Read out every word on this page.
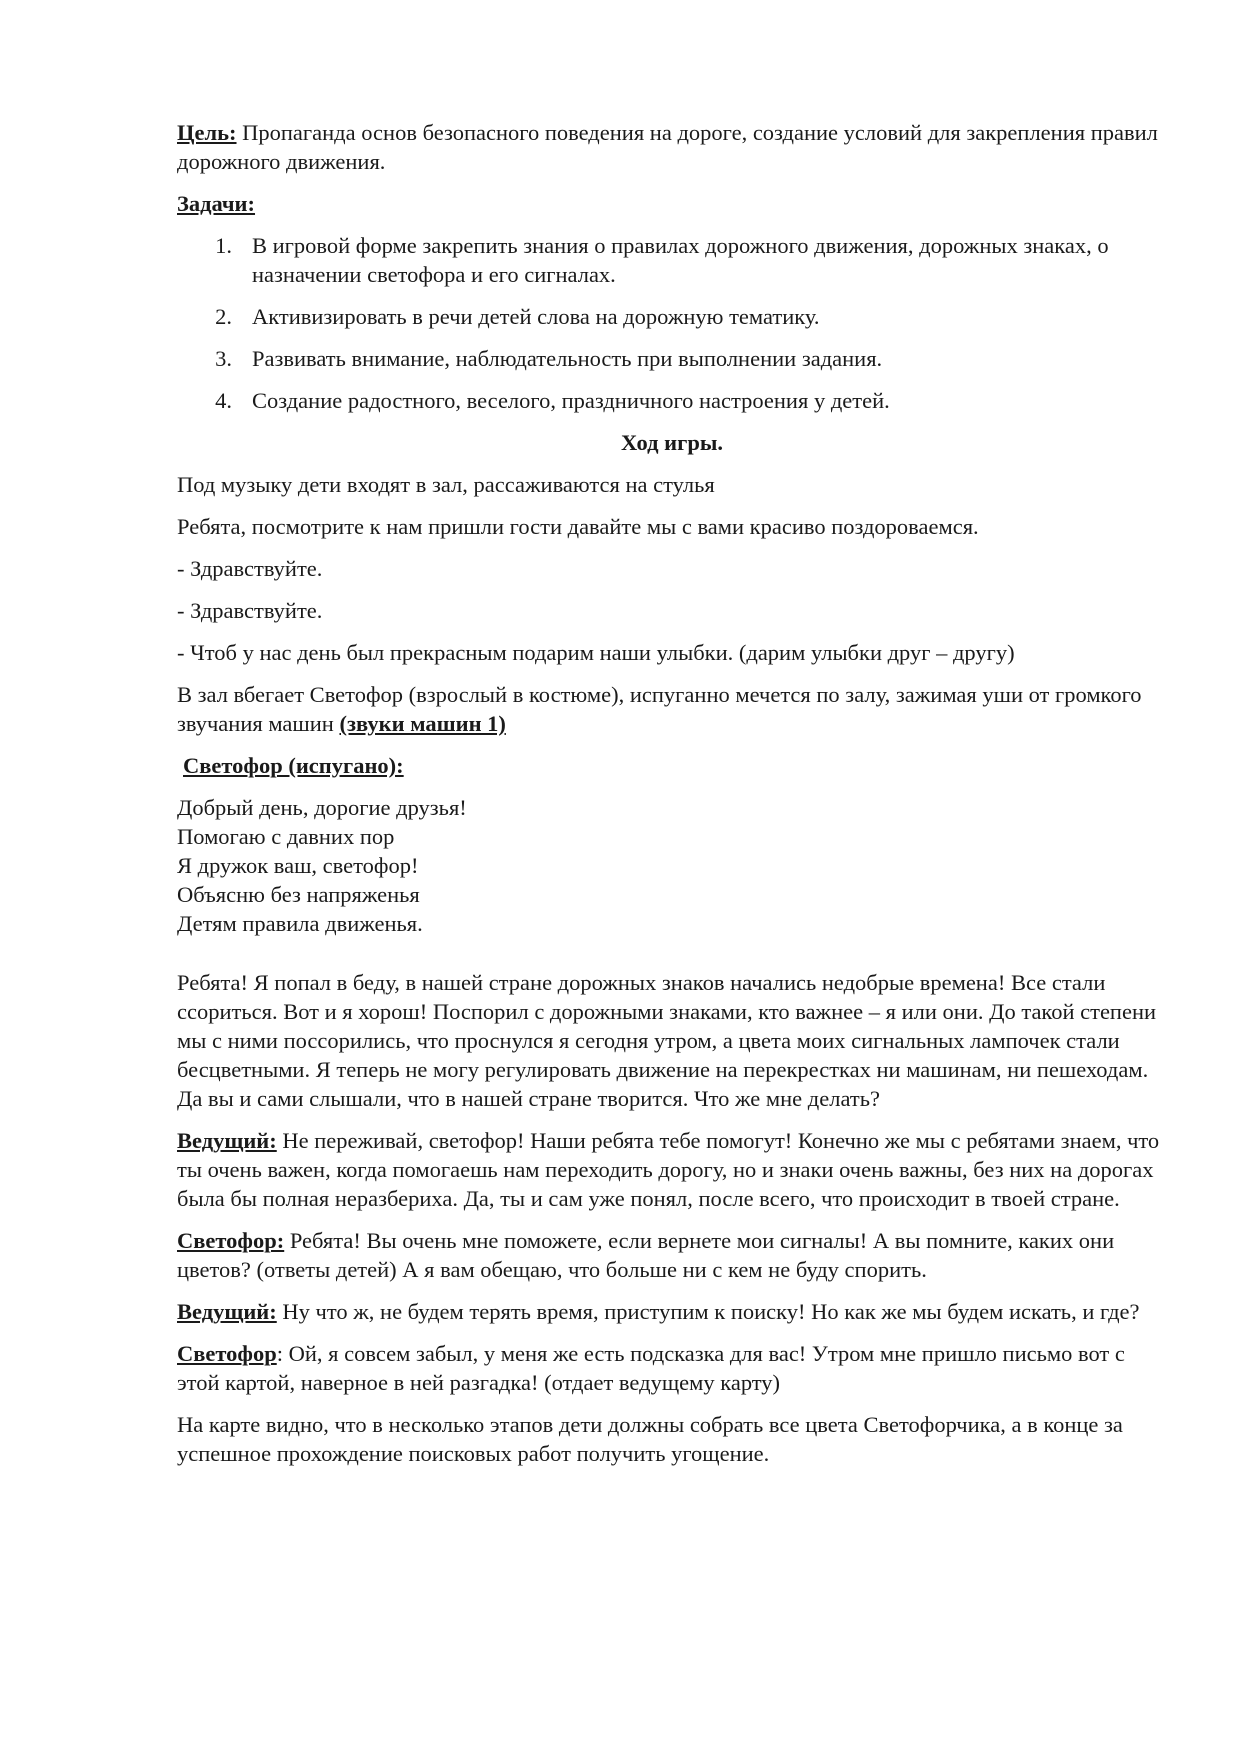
Цель: Пропаганда основ безопасного поведения на дороге, создание условий для закрепления правил дорожного движения.

Задачи:

1. В игровой форме закрепить знания о правилах дорожного движения, дорожных знаках, о назначении светофора и его сигналах.
2. Активизировать в речи детей слова на дорожную тематику.
3. Развивать внимание, наблюдательность при выполнении задания.
4. Создание радостного, веселого, праздничного настроения у детей.

Ход игры.

Под музыку дети входят в зал, рассаживаются на стулья

Ребята, посмотрите к нам пришли гости давайте мы с вами красиво поздороваемся.

- Здравствуйте.

- Здравствуйте.

- Чтоб у нас день был прекрасным подарим наши улыбки. (дарим улыбки друг – другу)

В зал вбегает Светофор (взрослый в костюме), испуганно мечется по залу, зажимая уши от громкого звучания машин (звуки машин 1)

Светофор (испугано):

Добрый день, дорогие друзья!
Помогаю с давних пор
Я дружок ваш, светофор!
Объясню без напряженья
Детям правила движенья.

Ребята! Я попал в беду, в нашей стране дорожных знаков начались недобрые времена! Все стали ссориться. Вот и я хорош! Поспорил с дорожными знаками, кто важнее – я или они. До такой степени мы с ними поссорились, что проснулся я сегодня утром, а цвета моих сигнальных лампочек стали бесцветными. Я теперь не могу регулировать движение на перекрестках ни машинам, ни пешеходам. Да вы и сами слышали, что в нашей стране творится. Что же мне делать?

Ведущий: Не переживай, светофор! Наши ребята тебе помогут! Конечно же мы с ребятами знаем, что ты очень важен, когда помогаешь нам переходить дорогу, но и знаки очень важны, без них на дорогах была бы полная неразбериха. Да, ты и сам уже понял, после всего, что происходит в твоей стране.

Светофор: Ребята! Вы очень мне поможете, если вернете мои сигналы! А вы помните, каких они цветов? (ответы детей) А я вам обещаю, что больше ни с кем не буду спорить.

Ведущий: Ну что ж, не будем терять время, приступим к поиску! Но как же мы будем искать, и где?

Светофор: Ой, я совсем забыл, у меня же есть подсказка для вас! Утром мне пришло письмо вот с этой картой, наверное в ней разгадка! (отдает ведущему карту)

На карте видно, что в несколько этапов дети должны собрать все цвета Светофорчика, а в конце за успешное прохождение поисковых работ получить угощение.
